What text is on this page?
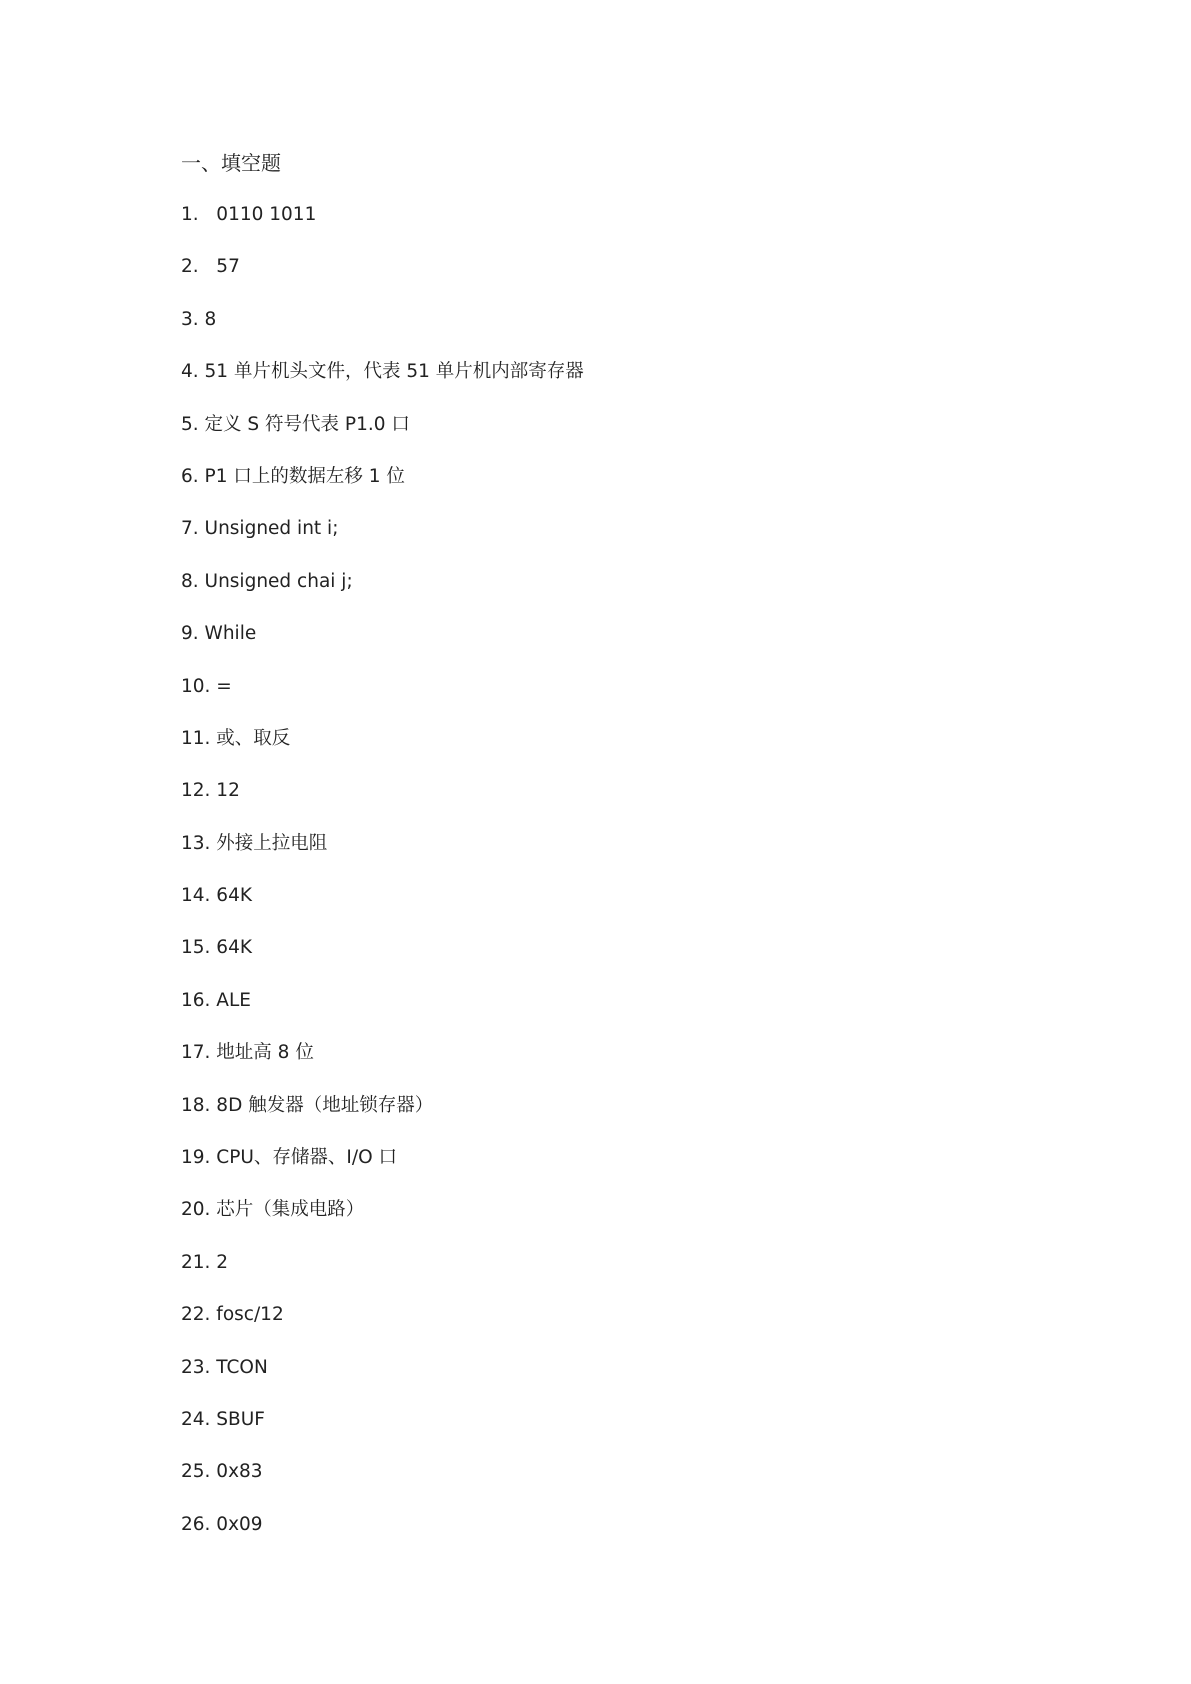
一、填空题
1.   0110 1011
2.   57
3. 8
4. 51 单片机头文件，代表 51 单片机内部寄存器
5. 定义 S 符号代表 P1.0 口
6. P1 口上的数据左移 1 位
7. Unsigned int i;
8. Unsigned chai j;
9. While
10. =
11. 或、取反
12. 12
13. 外接上拉电阻
14. 64K
15. 64K
16. ALE
17. 地址高 8 位
18. 8D 触发器（地址锁存器）
19. CPU、存储器、I/O 口
20. 芯片（集成电路）
21. 2
22. fosc/12
23. TCON
24. SBUF
25. 0x83
26. 0x09
